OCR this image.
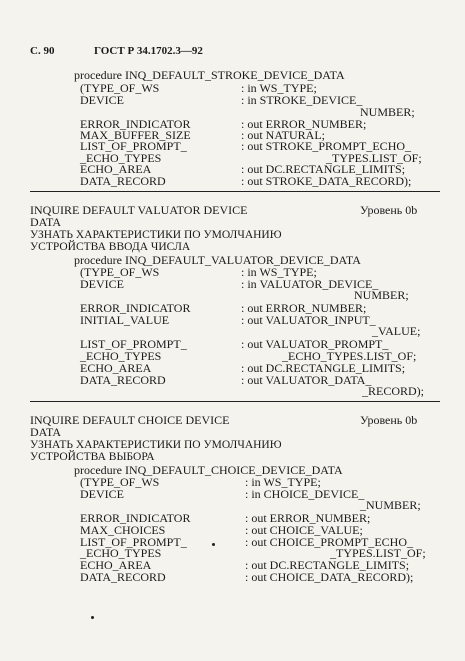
С. 90	ГОСТ Р 34.1702.3—92
procedure INQ_DEFAULT_STROKE_DEVICE_DATA
(TYPE_OF_WS	: in WS_TYPE;
DEVICE	: in STROKE_DEVICE_
NUMBER;
ERROR_INDICATOR	: out ERROR_NUMBER;
MAX_BUFFER_SIZE	: out NATURAL;
LIST_OF_PROMPT_	: out STROKE_PROMPT_ECHO_
_ECHO_TYPES	_TYPES.LIST_OF;
ECHO_AREA	: out DC.RECTANGLE_LIMITS;
DATA_RECORD	: out STROKE_DATA_RECORD);
INQUIRE DEFAULT VALUATOR DEVICE	Уровень 0b
DATA
УЗНАТЬ ХАРАКТЕРИСТИКИ ПО УМОЛЧАНИЮ
УСТРОЙСТВА ВВОДА ЧИСЛА
procedure INQ_DEFAULT_VALUATOR_DEVICE_DATA
(TYPE_OF_WS	: in WS_TYPE;
DEVICE	: in VALUATOR_DEVICE_
NUMBER;
ERROR_INDICATOR	: out ERROR_NUMBER;
INITIAL_VALUE	: out VALUATOR_INPUT_
_VALUE;
LIST_OF_PROMPT_	: out VALUATOR_PROMPT_
_ECHO_TYPES	_ECHO_TYPES.LIST_OF;
ECHO_AREA	: out DC.RECTANGLE_LIMITS;
DATA_RECORD	: out VALUATOR_DATA_
_RECORD);
INQUIRE DEFAULT CHOICE DEVICE	Уровень 0b
DATA
УЗНАТЬ ХАРАКТЕРИСТИКИ ПО УМОЛЧАНИЮ
УСТРОЙСТВА ВЫБОРА
procedure INQ_DEFAULT_CHOICE_DEVICE_DATA
(TYPE_OF_WS	: in WS_TYPE;
DEVICE	: in CHOICE_DEVICE_
_NUMBER;
ERROR_INDICATOR	: out ERROR_NUMBER;
MAX_CHOICES	: out CHOICE_VALUE;
LIST_OF_PROMPT_	: out CHOICE_PROMPT_ECHO_
_ECHO_TYPES	_TYPES.LIST_OF;
ECHO_AREA	: out DC.RECTANGLE_LIMITS;
DATA_RECORD	: out CHOICE_DATA_RECORD);
